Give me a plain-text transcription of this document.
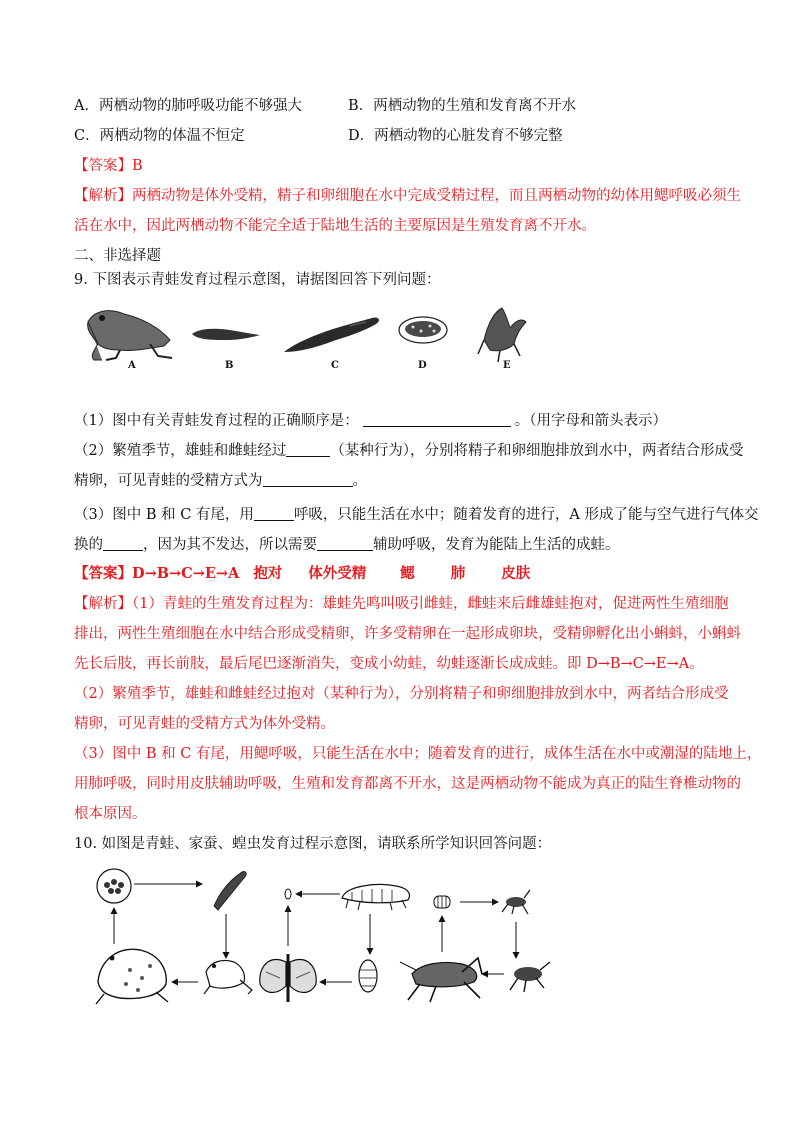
A．两栖动物的肺呼吸功能不够强大	B．两栖动物的生殖和发育离不开水
C．两栖动物的体温不恒定	D．两栖动物的心脏发育不够完整
【答案】B
【解析】两栖动物是体外受精，精子和卵细胞在水中完成受精过程，而且两栖动物的幼体用鳃呼吸必须生
活在水中，因此两栖动物不能完全适于陆地生活的主要原因是生殖发育离不开水。
二、非选择题
9. 下图表示青蛙发育过程示意图，请据图回答下列问题：
A	B	C	D	E
（1）图中有关青蛙发育过程的正确顺序是：	。（用字母和箭头表示）
（2）繁殖季节，雄蛙和雌蛙经过	（某种行为），分别将精子和卵细胞排放到水中，两者结合形成受
精卵，可见青蛙的受精方式为	。
（3）图中 B 和 C 有尾，用	呼吸，只能生活在水中；随着发育的进行，A 形成了能与空气进行气体交
换的	，因为其不发达，所以需要	辅助呼吸，发育为能陆上生活的成蛙。
【答案】D→B→C→E→A 抱对 体外受精 鳃 肺 皮肤
【解析】（1）青蛙的生殖发育过程为：雄蛙先鸣叫吸引雌蛙，雌蛙来后雌雄蛙抱对，促进两性生殖细胞
排出，两性生殖细胞在水中结合形成受精卵，许多受精卵在一起形成卵块，受精卵孵化出小蝌蚪，小蝌蚪
先长后肢，再长前肢，最后尾巴逐渐消失，变成小幼蛙，幼蛙逐渐长成成蛙。即 D→B→C→E→A。
（2）繁殖季节，雄蛙和雌蛙经过抱对（某种行为），分别将精子和卵细胞排放到水中，两者结合形成受
精卵，可见青蛙的受精方式为体外受精。
（3）图中 B 和 C 有尾，用鳃呼吸，只能生活在水中；随着发育的进行，成体生活在水中或潮湿的陆地上，
用肺呼吸，同时用皮肤辅助呼吸，生殖和发育都离不开水，这是两栖动物不能成为真正的陆生脊椎动物的
根本原因。
10. 如图是青蛙、家蚕、蝗虫发育过程示意图，请联系所学知识回答问题：
